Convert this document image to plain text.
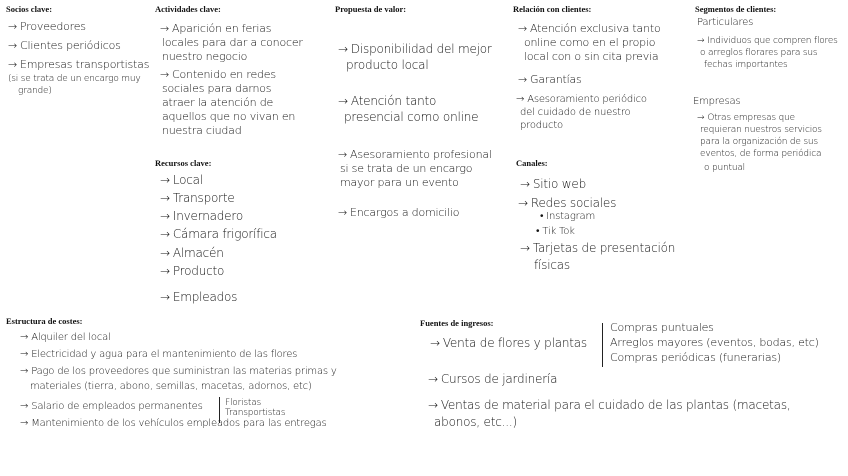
Socios clave:
→ Proveedores
→ Clientes periódicos
→ Empresas transportistas
(si se trata de un encargo muy
grande)
Actividades clave:
→ Aparición en ferias
locales para dar a conocer
nuestro negocio
→ Contenido en redes
sociales para darnos
atraer la atención de
aquellos que no vivan en
nuestra ciudad
Recursos clave:
→ Local
→ Transporte
→ Invernadero
→ Cámara frigorífica
→ Almacén
→ Producto
→ Empleados
Propuesta de valor:
→ Disponibilidad del mejor
producto local
→ Atención tanto
presencial como online
→ Asesoramiento profesional
si se trata de un encargo
mayor para un evento
→ Encargos a domicilio
Relación con clientes:
→ Atención exclusiva tanto
online como en el propio
local con o sin cita previa
→ Garantías
→ Asesoramiento periódico
del cuidado de nuestro
producto
Canales:
→ Sitio web
→ Redes sociales
• Instagram
• Tik Tok
→ Tarjetas de presentación
físicas
Segmentos de clientes:
Particulares
→ Individuos que compren flores
o arreglos florares para sus
fechas importantes
Empresas
→ Otras empresas que
requieran nuestros servicios
para la organización de sus
eventos, de forma periódica
o puntual
Estructura de costes:
→ Alquiler del local
→ Electricidad y agua para el mantenimiento de las flores
→ Pago de los proveedores que suministran las materias primas y
materiales (tierra, abono, semillas, macetas, adornos, etc)
→ Salario de empleados permanentes Floristas
Transportistas
→ Mantenimiento de los vehículos empleados para las entregas
Fuentes de ingresos:
→ Venta de flores y plantas
Compras puntuales
Arreglos mayores (eventos, bodas, etc)
Compras periódicas (funerarias)
→ Cursos de jardinería
→ Ventas de material para el cuidado de las plantas (macetas,
abonos, etc...)
